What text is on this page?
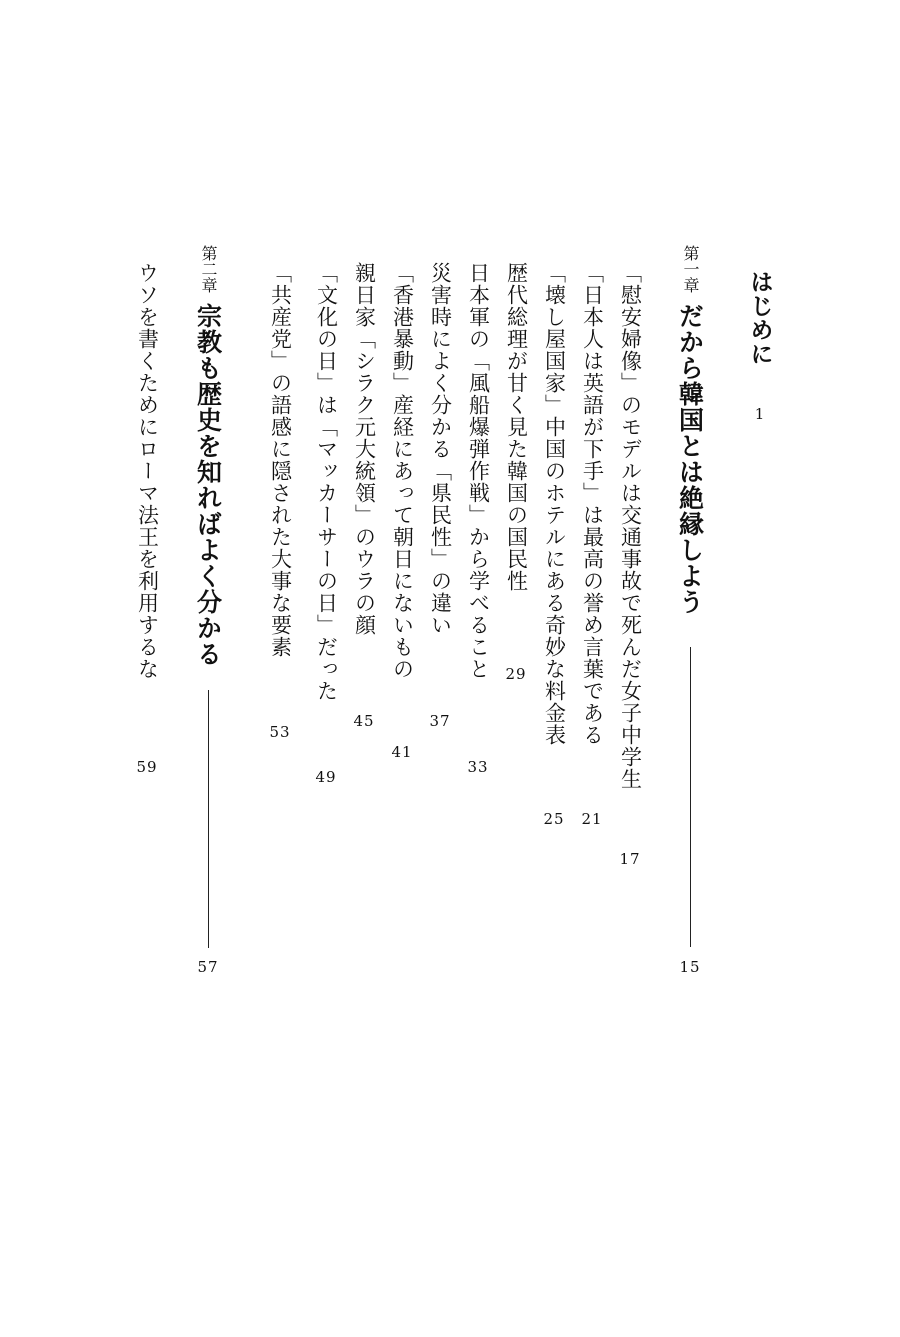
はじめに
1
第一章
だから韓国とは絶縁しよう
15
「慰安婦像」のモデルは交通事故で死んだ女子中学生
17
「日本人は英語が下手」は最高の誉め言葉である
21
「壊し屋国家」中国のホテルにある奇妙な料金表
25
歴代総理が甘く見た韓国の国民性
29
日本軍の「風船爆弾作戦」から学べること
33
災害時によく分かる「県民性」の違い
37
「香港暴動」産経にあって朝日にないもの
41
親日家「シラク元大統領」のウラの顔
45
「文化の日」は「マッカーサーの日」だった
49
「共産党」の語感に隠された大事な要素
53
第二章
宗教も歴史を知ればよく分かる
57
ウソを書くためにローマ法王を利用するな
59
